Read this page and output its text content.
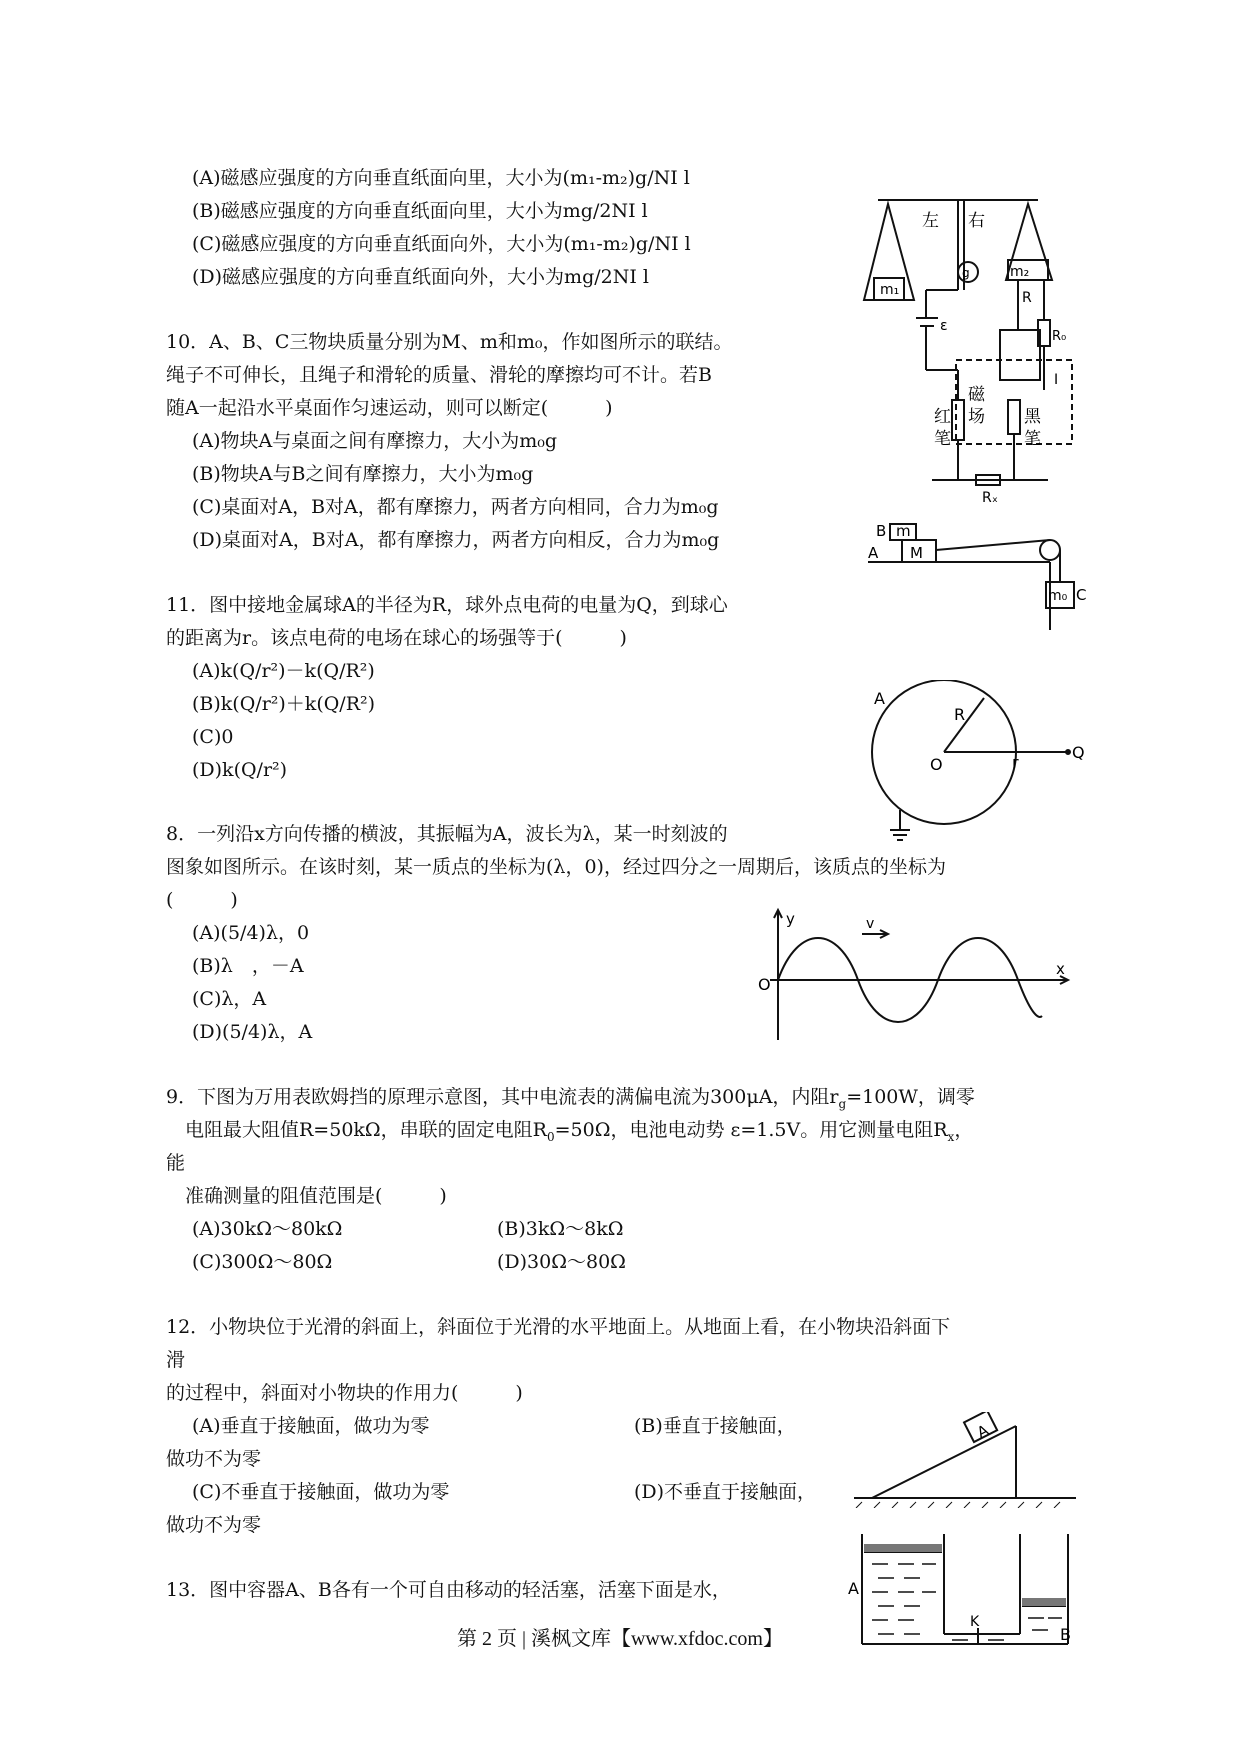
(A)磁感应强度的方向垂直纸面向里，大小为(m₁-m₂)g/NI l
(B)磁感应强度的方向垂直纸面向里，大小为mg/2NI l
(C)磁感应强度的方向垂直纸面向外，大小为(m₁-m₂)g/NI l
(D)磁感应强度的方向垂直纸面向外，大小为mg/2NI l
10．A、B、C三物块质量分别为M、m和m₀，作如图所示的联结。
绳子不可伸长，且绳子和滑轮的质量、滑轮的摩擦均可不计。若B
随A一起沿水平桌面作匀速运动，则可以断定(　　　)
(A)物块A与桌面之间有摩擦力，大小为m₀g
(B)物块A与B之间有摩擦力，大小为m₀g
(C)桌面对A，B对A，都有摩擦力，两者方向相同，合力为m₀g
(D)桌面对A，B对A，都有摩擦力，两者方向相反，合力为m₀g
11．图中接地金属球A的半径为R，球外点电荷的电量为Q，到球心
的距离为r。该点电荷的电场在球心的场强等于(　　　)
(A)k(Q/r²)－k(Q/R²)
(B)k(Q/r²)＋k(Q/R²)
(C)0
(D)k(Q/r²)
8．一列沿x方向传播的横波，其振幅为A，波长为λ，某一时刻波的
图象如图所示。在该时刻，某一质点的坐标为(λ，0)，经过四分之一周期后，该质点的坐标为
(　　　)
(A)(5/4)λ，0
(B)λ　，－A
(C)λ，A
(D)(5/4)λ，A
9．下图为万用表欧姆挡的原理示意图，其中电流表的满偏电流为300μA，内阻$r_g=100W$，调零
　电阻最大阻值R=50kΩ，串联的固定电阻$R_0=50\Omega$，电池电动势 ε=1.5V。用它测量电阻$R_x$，
能
　准确测量的阻值范围是(　　　)
(A)30kΩ～80kΩ	(B)3kΩ～8kΩ
(C)300Ω～80Ω	(D)30Ω～80Ω
12．小物块位于光滑的斜面上，斜面位于光滑的水平地面上。从地面上看，在小物块沿斜面下
滑
的过程中，斜面对小物块的作用力(　　　)
(A)垂直于接触面，做功为零	(B)垂直于接触面，
做功不为零
(C)不垂直于接触面，做功为零	(D)不垂直于接触面，
做功不为零
13．图中容器A、B各有一个可自由移动的轻活塞，活塞下面是水，
左 右
m₁
m₂
g
R
ε
R₀
I
磁
场
红
笔
黑
笔
Rₓ
B m
A M
m₀ C
A
R
O	r
Q
y	v
O
x
A
A
K
B
第 2 页 | 溪枫文库【www.xfdoc.com】
